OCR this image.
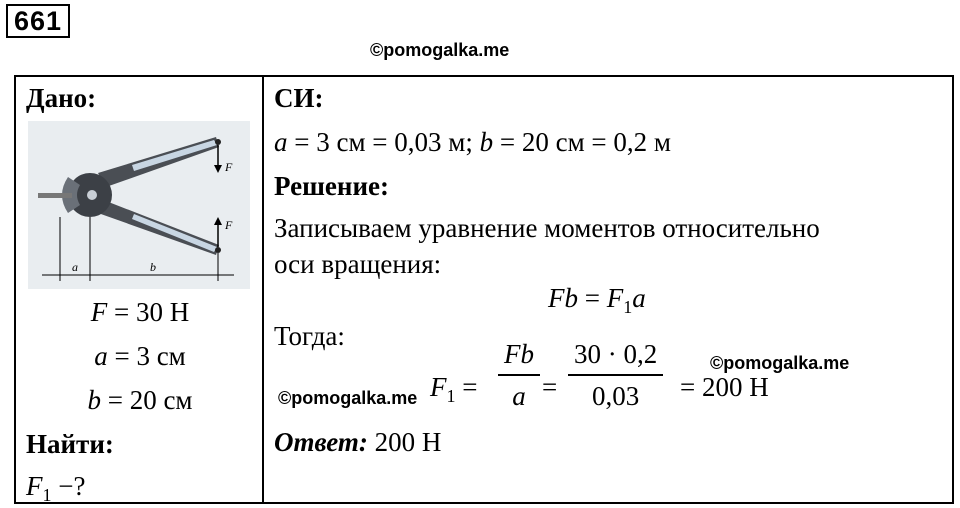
661
©pomogalka.me
Дано:
F
F
a	b
F = 30 Н
a = 3 см
b = 20 см
Найти:
$F_1$ −?
СИ:
a = 3 см = 0,03 м; b = 20 см = 0,2 м
Решение:
Записываем уравнение моментов относительно
оси вращения:
$Fb = F_1a$
Тогда:
©pomogalka.me
©pomogalka.me $F_1$ =
Fb
a =
30 · 0,2
0,03 = 200 Н
Ответ: 200 Н
